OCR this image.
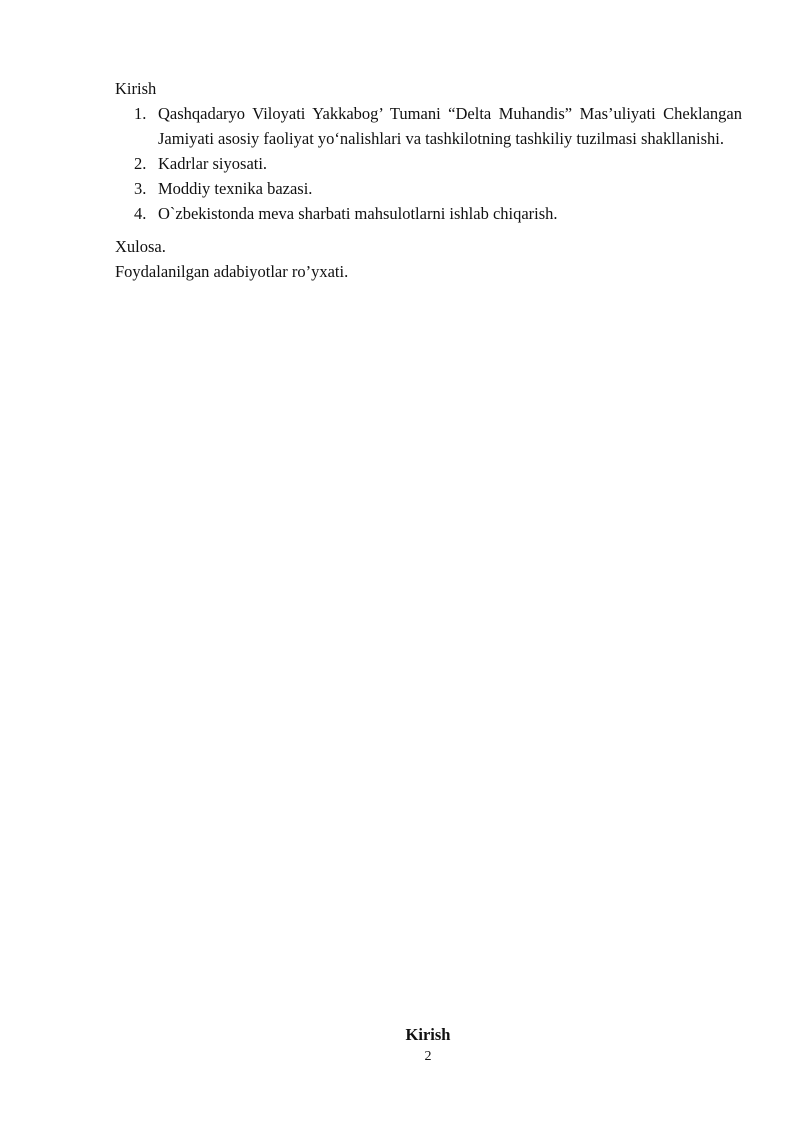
Kirish

1. Qashqadaryo Viloyati Yakkabog’ Tumani “Delta Muhandis” Mas’uliyati Cheklangan Jamiyati asosiy faoliyat yo‘nalishlari va tashkilotning tashkiliy tuzilmasi shakllanishi.
2. Kadrlar siyosati.
3. Moddiy texnika bazasi.
4. O`zbekistonda meva sharbati mahsulotlarni ishlab chiqarish.

Xulosa.

Foydalanilgan adabiyotlar ro’yxati.

Kirish
2
